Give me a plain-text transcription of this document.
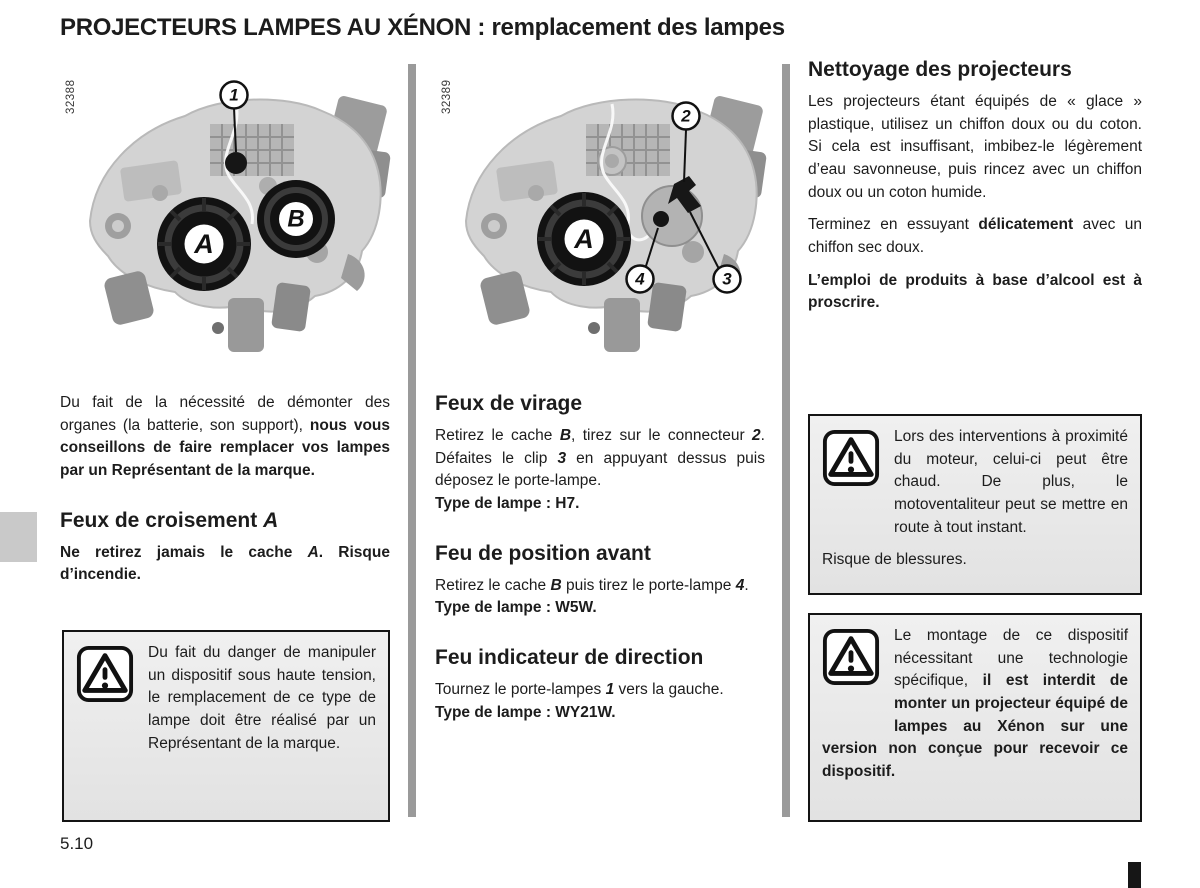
PROJECTEURS LAMPES AU XÉNON : remplacement des lampes
32388
A
B
1	32389
A
2
3
4

Du fait de la nécessité de démonter des organes (la batterie, son support), nous vous conseillons de faire remplacer vos lampes par un Représentant de la marque.

Feux de croisement A

Ne retirez jamais le cache A. Risque d’incendie.

Feux de virage

Retirez le cache B, tirez sur le connecteur 2. Défaites le clip 3 en appuyant dessus puis déposez le porte-lampe.

Type de lampe : H7.

Feu de position avant

Retirez le cache B puis tirez le porte-lampe 4.

Type de lampe : W5W.

Feu indicateur de direction

Tournez le porte-lampes 1 vers la gauche.

Type de lampe : WY21W.

Nettoyage des projecteurs

Les projecteurs étant équipés de « glace » plastique, utilisez un chiffon doux ou du coton. Si cela est insuffisant, imbibez-le légèrement d’eau savonneuse, puis rincez avec un chiffon doux ou un coton humide.

Terminez en essuyant délicatement avec un chiffon sec doux.

L’emploi de produits à base d’alcool est à proscrire.

Du fait du danger de manipuler un dispositif sous haute tension, le remplacement de ce type de lampe doit être réalisé par un Représentant de la marque.

Lors des interventions à proximité du moteur, celui-ci peut être chaud. De plus, le motoventaliteur peut se mettre en route à tout instant.

Risque de blessures.

Le montage de ce dispositif nécessitant une technologie spécifique, il est interdit de monter un projecteur équipé de lampes au Xénon sur une version non conçue pour recevoir ce dispositif.

5.10
